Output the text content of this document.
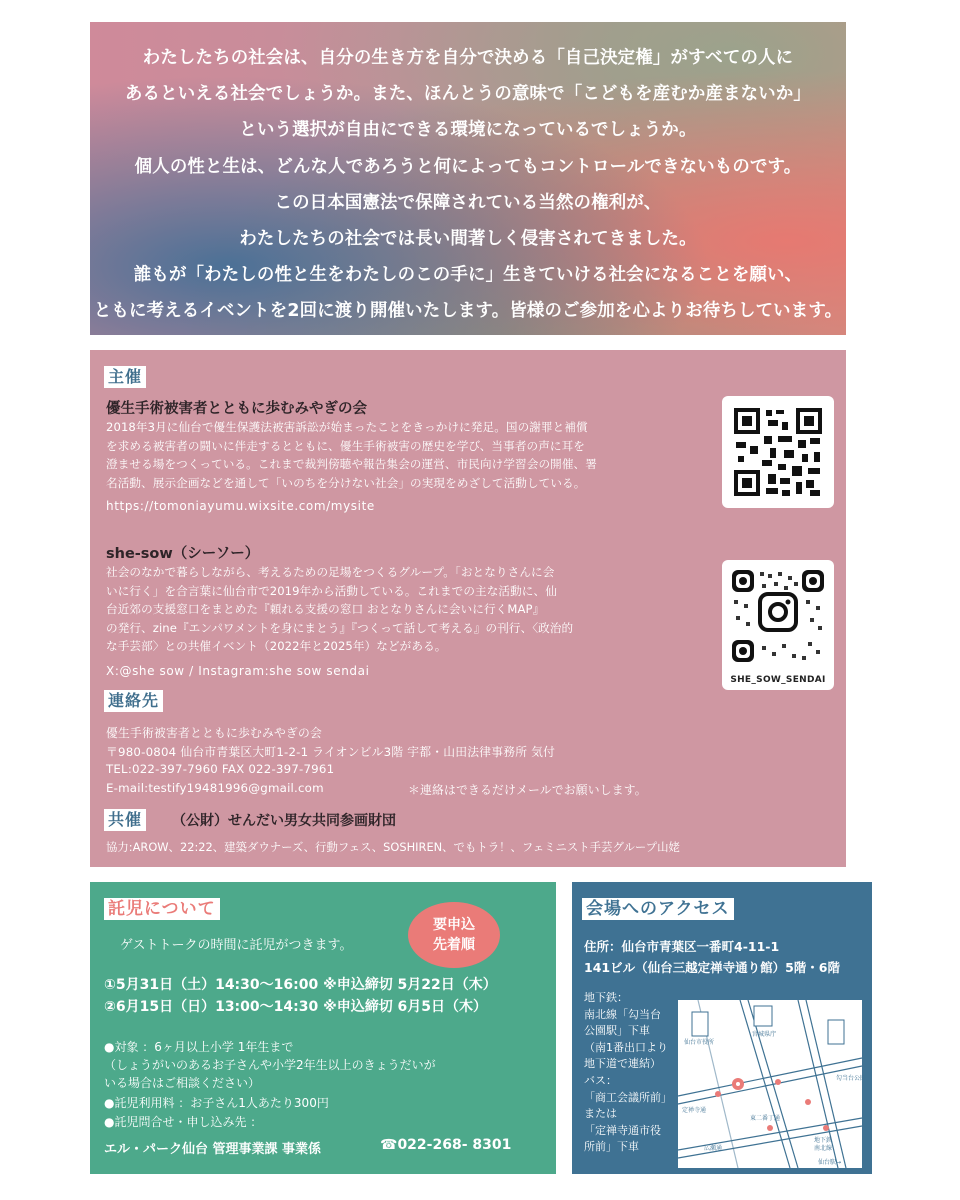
わたしたちの社会は、自分の生き方を自分で決める「自己決定権」がすべての人に

あるといえる社会でしょうか。また、ほんとうの意味で「こどもを産むか産まないか」

という選択が自由にできる環境になっているでしょうか。

個人の性と生は、どんな人であろうと何によってもコントロールできないものです。

この日本国憲法で保障されている当然の権利が、

わたしたちの社会では長い間著しく侵害されてきました。

誰もが「わたしの性と生をわたしのこの手に」生きていける社会になることを願い、

ともに考えるイベントを2回に渡り開催いたします。皆様のご参加を心よりお待ちしています。

主催
優生手術被害者とともに歩むみやぎの会
2018年3月に仙台で優生保護法被害訴訟が始まったことをきっかけに発足。国の謝罪と補償
を求める被害者の闘いに伴走するとともに、優生手術被害の歴史を学び、当事者の声に耳を
澄ませる場をつくっている。これまで裁判傍聴や報告集会の運営、市民向け学習会の開催、署
名活動、展示企画などを通して「いのちを分けない社会」の実現をめざして活動している。
https://tomoniayumu.wixsite.com/mysite
she-sow（シーソー）
社会のなかで暮らしながら、考えるための足場をつくるグループ。「おとなりさんに会
いに行く」を合言葉に仙台市で2019年から活動している。これまでの主な活動に、仙
台近郊の支援窓口をまとめた『頼れる支援の窓口 おとなりさんに会いに行くMAP』
の発行、zine『エンパワメントを身にまとう』『つくって話して考える』の刊行、〈政治的
な手芸部〉との共催イベント（2022年と2025年）などがある。
X:@she sow / Instagram:she sow sendai
SHE_SOW_SENDAI
連絡先
優生手術被害者とともに歩むみやぎの会
〒980-0804 仙台市青葉区大町1-2-1 ライオンビル3階 宇都・山田法律事務所 気付
TEL:022-397-7960 FAX 022-397-7961
E-mail:testify19481996@gmail.com	＊連絡はできるだけメールでお願いします。
共催 （公財）せんだい男女共同参画財団
協力:AROW、22:22、建築ダウナーズ、行動フェス、SOSHIREN、でもトラ！、フェミニスト手芸グループ山姥
託児について
要申込
先着順
ゲストトークの時間に託児がつきます。
①5月31日（土）14:30〜16:00 ※申込締切 5月22日（木）
②6月15日（日）13:00〜14:30 ※申込締切 6月5日（木）
●対象 ：6ヶ月以上小学 1年生まで
（しょうがいのあるお子さんや小学2年生以上のきょうだいが
いる場合はご相談ください）
●託児利用料 ：お子さん1人あたり300円
●託児問合せ・申し込み先 ：
エル・パーク仙台 管理事業課 事業係	☎022-268- 8301
会場へのアクセス
住所：仙台市青葉区一番町4-11-1
141ビル（仙台三越定禅寺通り館）5階・6階
地下鉄：
南北線「勾当台
公園駅」下車
（南1番出口より
地下道で連結）
バス：
「商工会議所前」
または
「定禅寺通市役
所前」下車
仙台市役所
宮城県庁
定禅寺通
東二番丁通
勾当台公園
広瀬通
地下鉄
南北線
仙台駅→
